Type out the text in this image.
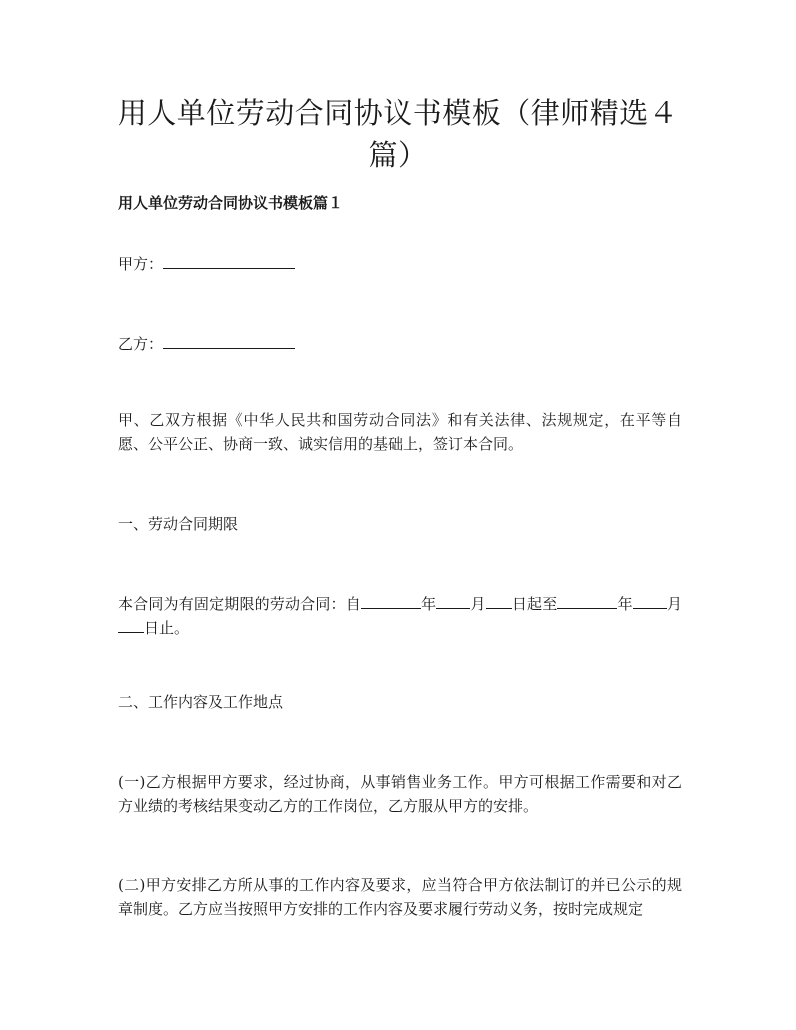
用人单位劳动合同协议书模板（律师精选４篇）
用人单位劳动合同协议书模板篇１

甲方：

乙方：

甲、乙双方根据《中华人民共和国劳动合同法》和有关法律、法规规定，在平等自愿、公平公正、协商一致、诚实信用的基础上，签订本合同。

一、劳动合同期限

本合同为有固定期限的劳动合同：自	年 月 日起至	年 月日止。

二、工作内容及工作地点

(一)乙方根据甲方要求，经过协商，从事销售业务工作。甲方可根据工作需要和对乙方业绩的考核结果变动乙方的工作岗位，乙方服从甲方的安排。

(二)甲方安排乙方所从事的工作内容及要求，应当符合甲方依法制订的并已公示的规章制度。乙方应当按照甲方安排的工作内容及要求履行劳动义务，按时完成规定
